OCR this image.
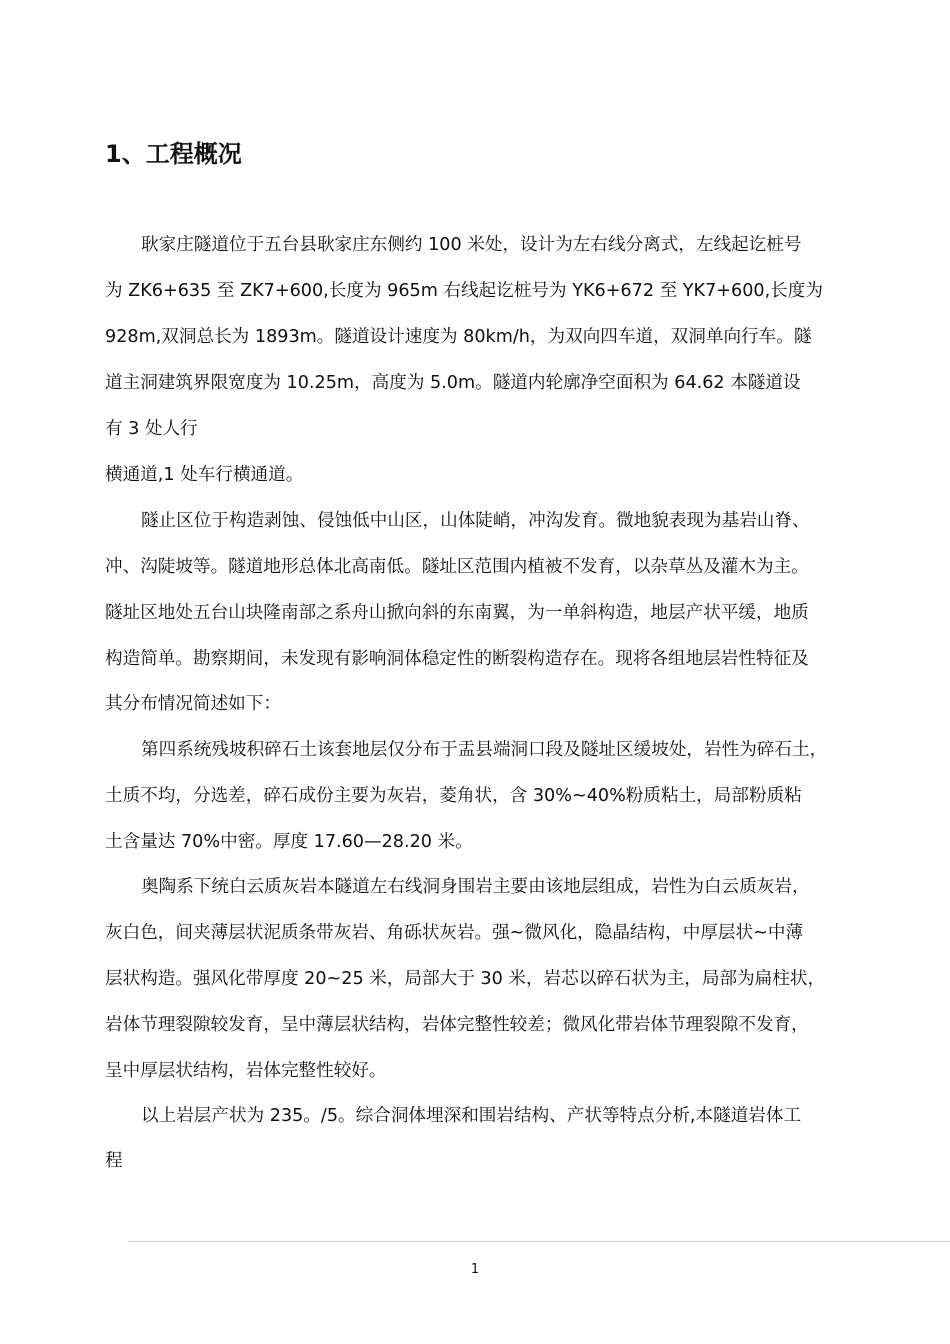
1、工程概况

耿家庄隧道位于五台县耿家庄东侧约 100 米处，设计为左右线分离式，左线起讫桩号

为 ZK6+635 至 ZK7+600,长度为 965m 右线起讫桩号为 YK6+672 至 YK7+600,长度为

928m,双洞总长为 1893m。隧道设计速度为 80km/h，为双向四车道，双洞单向行车。隧

道主洞建筑界限宽度为 10.25m，高度为 5.0m。隧道内轮廓净空面积为 64.62 本隧道设

有 3 处人行

横通道,1 处车行横通道。

隧止区位于构造剥蚀、侵蚀低中山区，山体陡峭，冲沟发育。微地貌表现为基岩山脊、

冲、沟陡坡等。隧道地形总体北高南低。隧址区范围内植被不发育，以杂草丛及灌木为主。

隧址区地处五台山块隆南部之系舟山掀向斜的东南翼，为一单斜构造，地层产状平缓，地质

构造简单。勘察期间，未发现有影响洞体稳定性的断裂构造存在。现将各组地层岩性特征及

其分布情况简述如下：

第四系统残坡积碎石土该套地层仅分布于盂县端洞口段及隧址区缓坡处，岩性为碎石土，

土质不均，分选差，碎石成份主要为灰岩，菱角状，含 30%~40%粉质粘土，局部粉质粘

土含量达 70%中密。厚度 17.60—28.20 米。

奥陶系下统白云质灰岩本隧道左右线洞身围岩主要由该地层组成，岩性为白云质灰岩，

灰白色，间夹薄层状泥质条带灰岩、角砾状灰岩。强~微风化，隐晶结构，中厚层状~中薄

层状构造。强风化带厚度 20~25 米，局部大于 30 米，岩芯以碎石状为主，局部为扁柱状，

岩体节理裂隙较发育，呈中薄层状结构，岩体完整性较差；微风化带岩体节理裂隙不发育，

呈中厚层状结构，岩体完整性较好。

以上岩层产状为 235。/5。综合洞体埋深和围岩结构、产状等特点分析,本隧道岩体工

程

1
